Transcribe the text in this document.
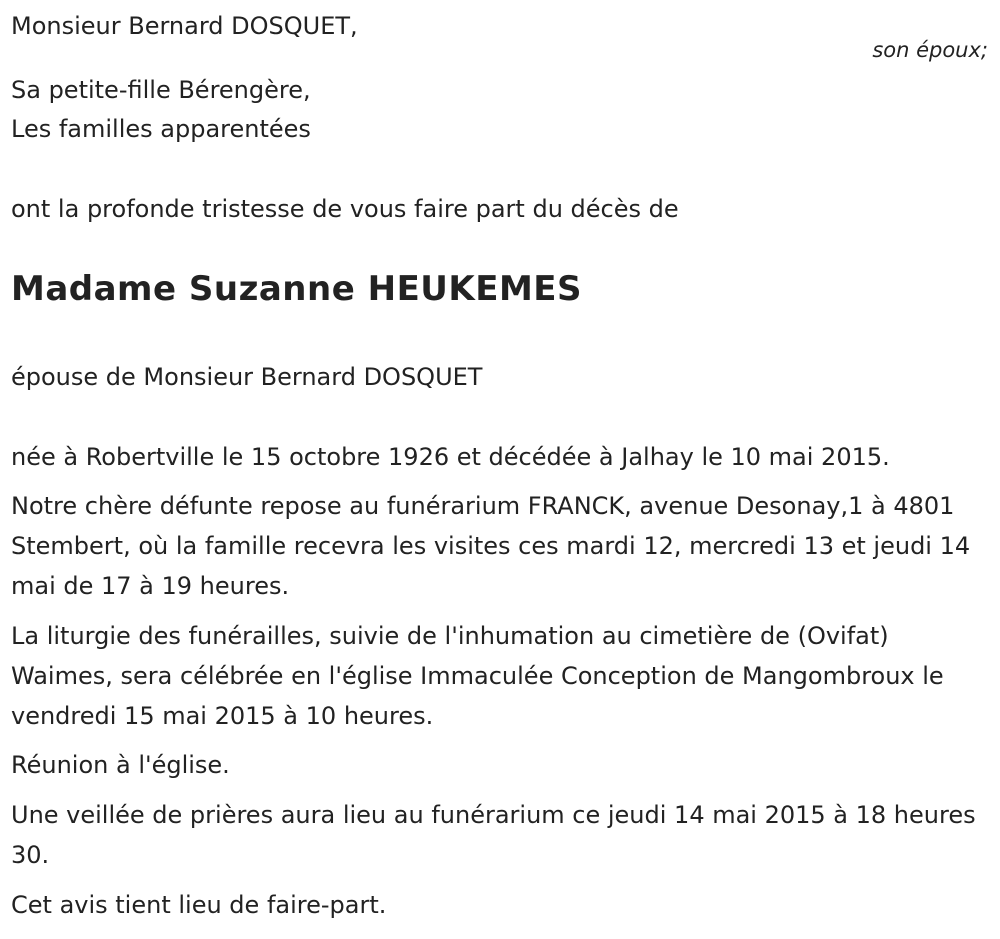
Monsieur Bernard DOSQUET,

son époux;

Sa petite-fille Bérengère,

Les familles apparentées

ont la profonde tristesse de vous faire part du décès de

Madame Suzanne HEUKEMES

épouse de Monsieur Bernard DOSQUET

née à Robertville le 15 octobre 1926 et décédée à Jalhay le 10 mai 2015.

Notre chère défunte repose au funérarium FRANCK, avenue Desonay,1 à 4801 Stembert, où la famille recevra les visites ces mardi 12, mercredi 13 et jeudi 14 mai de 17 à 19 heures.

La liturgie des funérailles, suivie de l'inhumation au cimetière de (Ovifat) Waimes, sera célébrée en l'église Immaculée Conception de Mangombroux le vendredi 15 mai 2015 à 10 heures.

Réunion à l'église.

Une veillée de prières aura lieu au funérarium ce jeudi 14 mai 2015 à 18 heures 30.

Cet avis tient lieu de faire-part.
